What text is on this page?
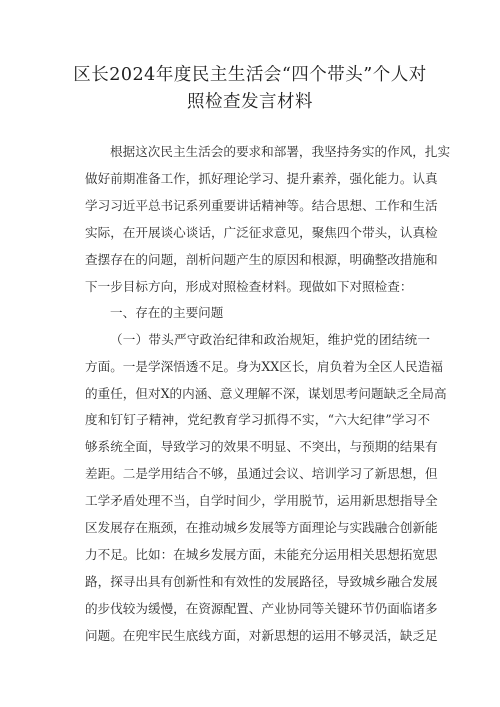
区长2024年度民主生活会“四个带头”个人对
照检查发言材料
根据这次民主生活会的要求和部署，我坚持务实的作风，扎实
做好前期准备工作，抓好理论学习、提升素养，强化能力。认真
学习习近平总书记系列重要讲话精神等。结合思想、工作和生活
实际，在开展谈心谈话，广泛征求意见，聚焦四个带头，认真检
查摆存在的问题，剖析问题产生的原因和根源，明确整改措施和
下一步目标方向，形成对照检查材料。现做如下对照检查：
一、存在的主要问题
（一）带头严守政治纪律和政治规矩，维护党的团结统一
方面。一是学深悟透不足。身为XX区长，肩负着为全区人民造福
的重任，但对X的内涵、意义理解不深，谋划思考问题缺乏全局高
度和钉钉子精神，党纪教育学习抓得不实，“六大纪律”学习不
够系统全面，导致学习的效果不明显、不突出，与预期的结果有
差距。二是学用结合不够，虽通过会议、培训学习了新思想，但
工学矛盾处理不当，自学时间少，学用脱节，运用新思想指导全
区发展存在瓶颈，在推动城乡发展等方面理论与实践融合创新能
力不足。比如：在城乡发展方面，未能充分运用相关思想拓宽思
路，探寻出具有创新性和有效性的发展路径，导致城乡融合发展
的步伐较为缓慢，在资源配置、产业协同等关键环节仍面临诸多
问题。在兜牢民生底线方面，对新思想的运用不够灵活，缺乏足
